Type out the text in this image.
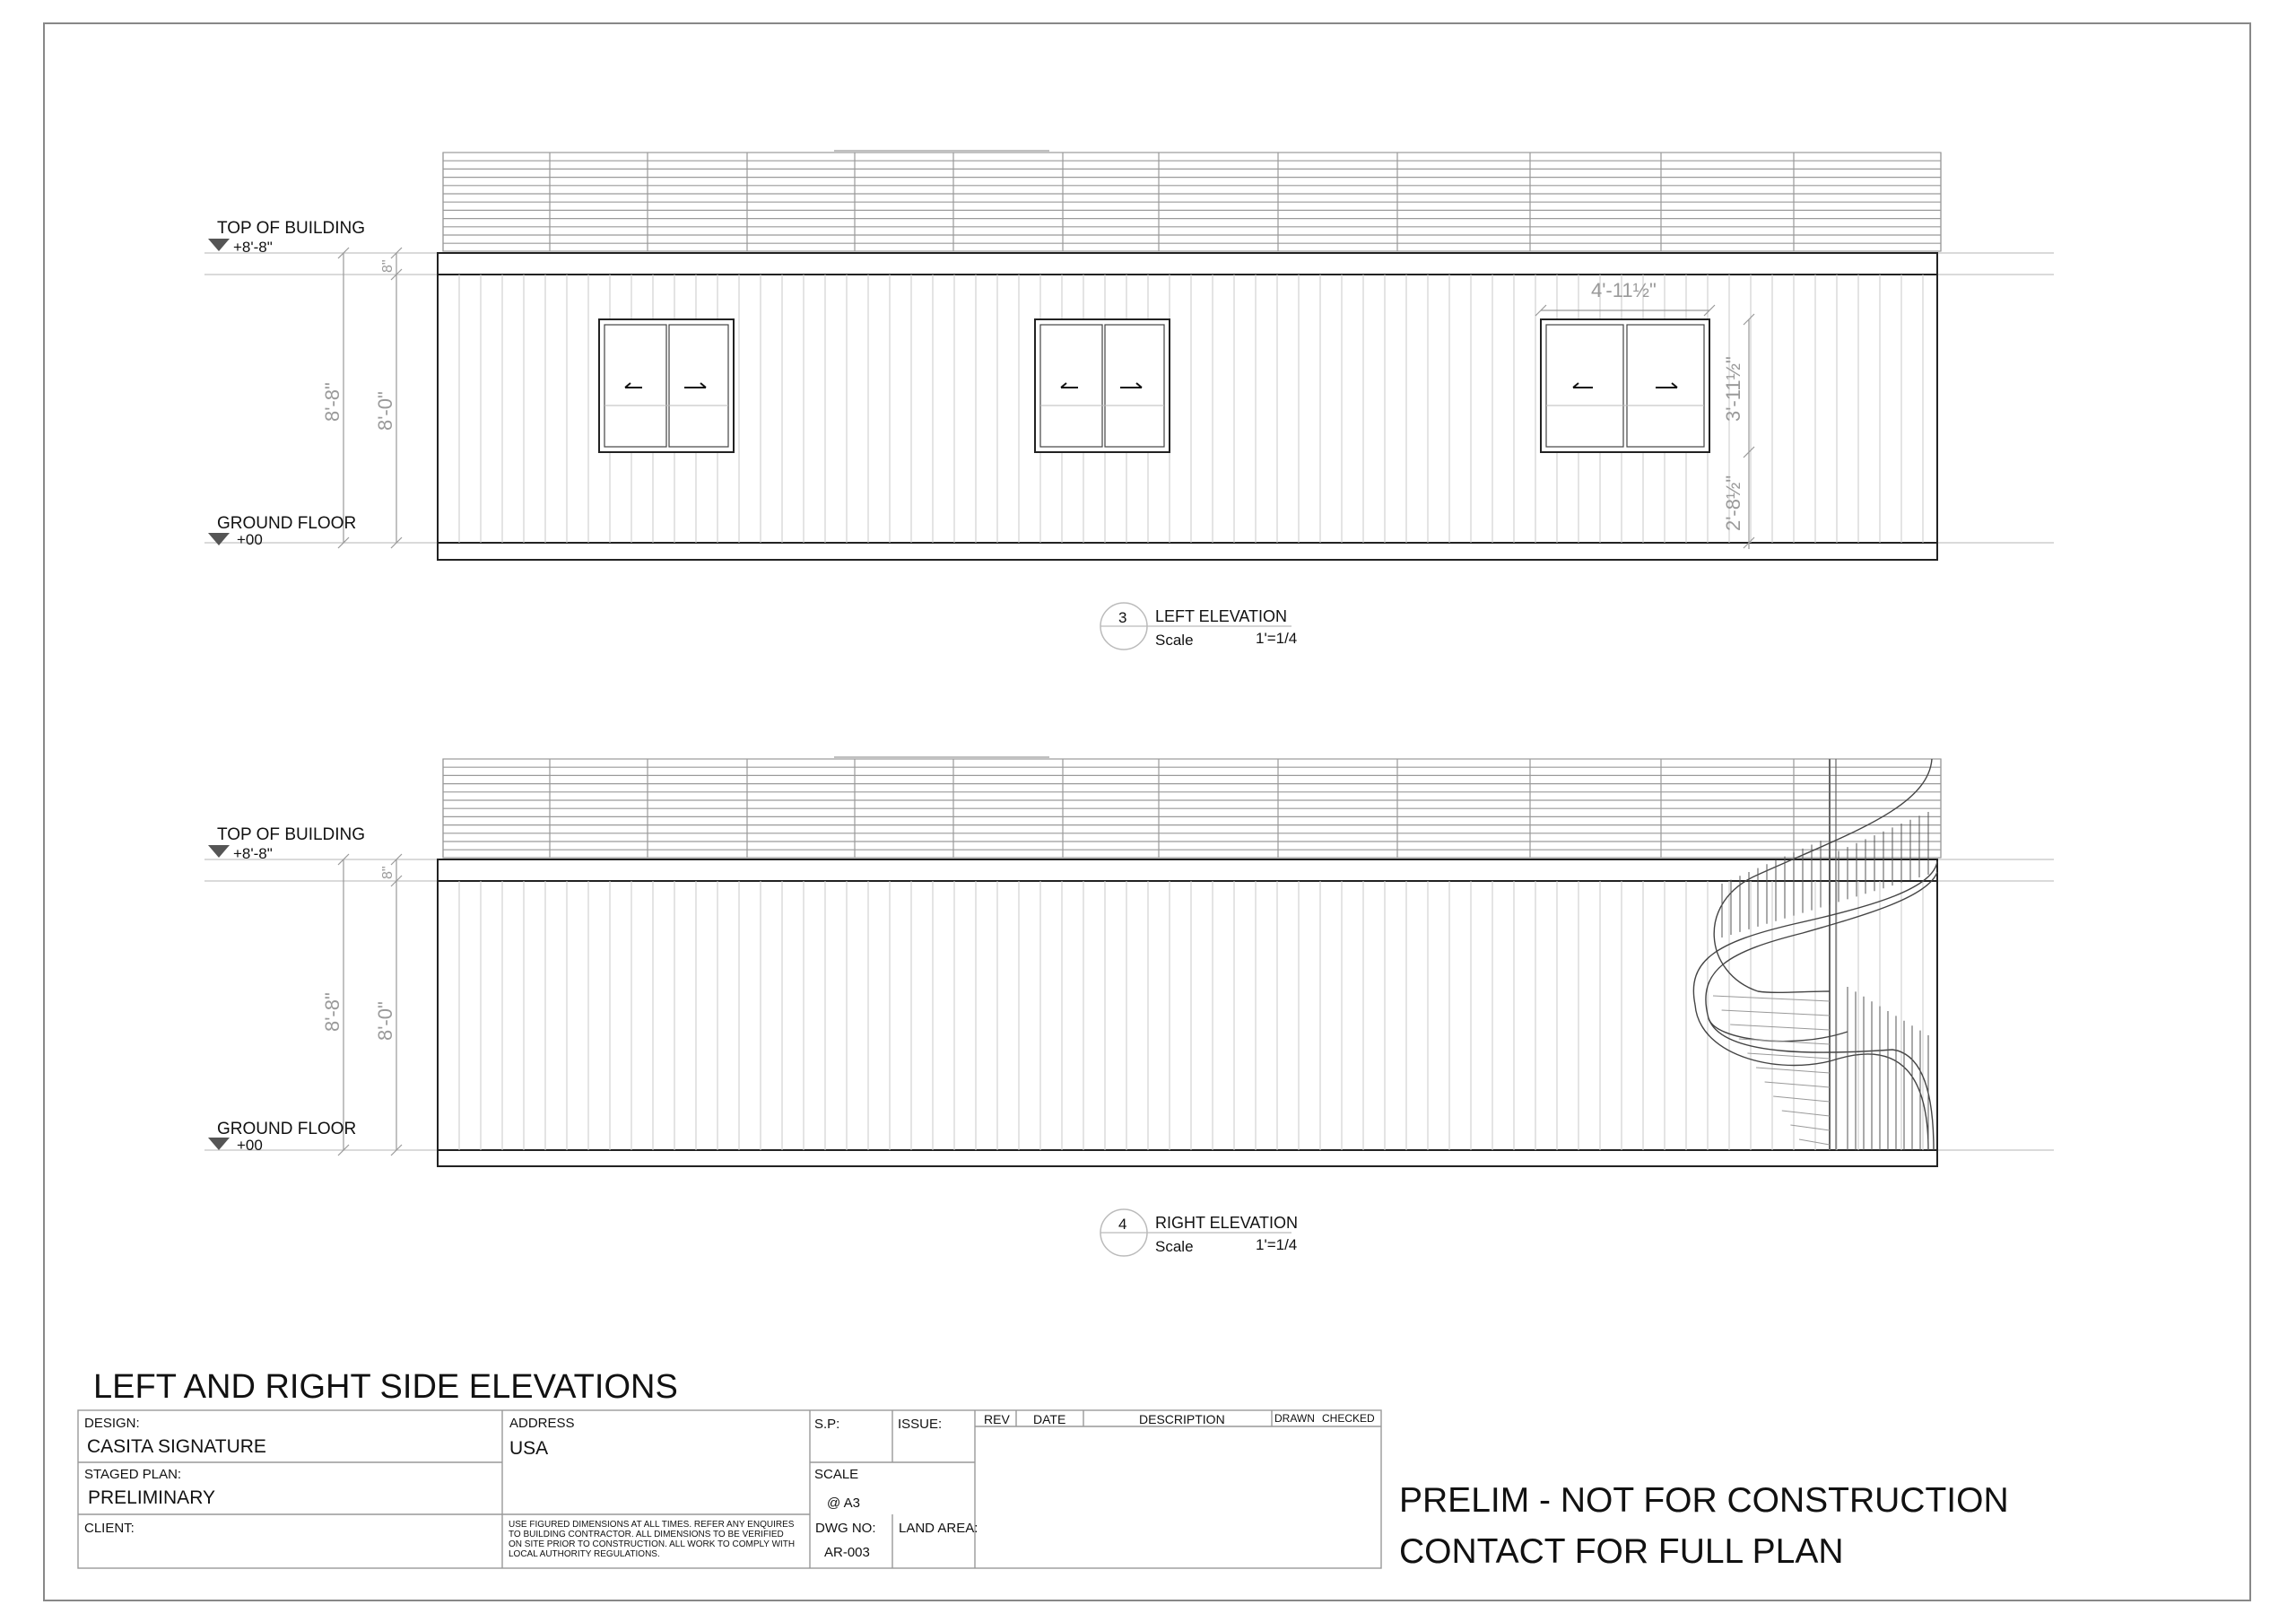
4'-11½"
3'-11½"
2'-8½"
8'-8" 8'-0"
8"
TOP OF BUILDING
+8'-8"
GROUND FLOOR
+00
3 LEFT ELEVATION
Scale	1'=1/4
8'-8" 8'-0"
8"
TOP OF BUILDING
+8'-8"
GROUND FLOOR
+00
4 RIGHT ELEVATION
Scale	1'=1/4
LEFT AND RIGHT SIDE ELEVATIONS
DESIGN:
CASITA SIGNATURE
ADDRESS
USA
S.P:	ISSUE:	REV DATE	DESCRIPTION	DRAWN CHECKED
STAGED PLAN:
PRELIMINARY
SCALE
@ A3
CLIENT:	USE FIGURED DIMENSIONS AT ALL TIMES. REFER ANY ENQUIRES
TO BUILDING CONTRACTOR. ALL DIMENSIONS TO BE VERIFIED
ON SITE PRIOR TO CONSTRUCTION. ALL WORK TO COMPLY WITH
LOCAL AUTHORITY REGULATIONS.
DWG NO:
AR-003
LAND AREA:
PRELIM - NOT FOR CONSTRUCTION
CONTACT FOR FULL PLAN
